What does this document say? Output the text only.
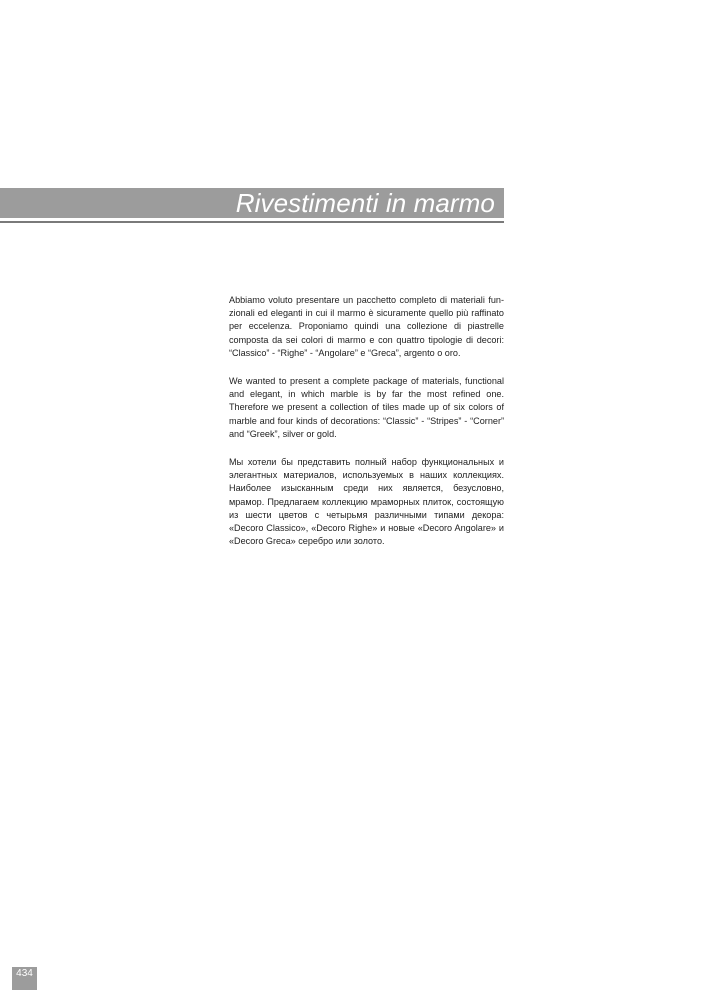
Rivestimenti in marmo

Abbiamo voluto presentare un pacchetto completo di materiali funzionali ed eleganti in cui il marmo è sicuramente quello più raffinato per eccelenza. Proponiamo quindi una collezione di piastrelle composta da sei colori di marmo e con quattro tipologie di decori: “Classico” - “Righe” - “Angolare” e “Greca”, argento o oro.

We wanted to present a complete package of materials, functional and elegant, in which marble is by far the most refined one. Therefore we present a collection of tiles made up of six colors of marble and four kinds of decorations: “Classic” - “Stripes” - “Corner” and “Greek”, silver or gold.

Мы хотели бы представить полный набор функциональных и элегантных материалов, используемых в наших коллекциях. Наиболее изысканным среди них является, безусловно, мрамор. Предлагаем коллекцию мраморных плиток, состоящую из шести цветов с четырьмя различными типами декора: «Decoro Classico», «Decoro Righe» и новые «Decoro Angolare» и «Decoro Greca» серебро или золото.

434
